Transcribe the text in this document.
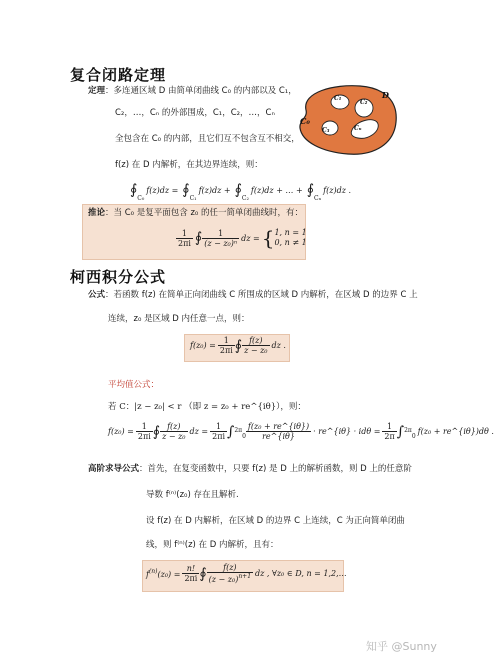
复合闭路定理
定理：多连通区域 D 由简单闭曲线 C₀ 的内部以及 C₁，
C₂，…，Cₙ 的外部围成，C₁，C₂，…，Cₙ
全包含在 C₀ 的内部，且它们互不包含互不相交，
f(z) 在 D 内解析，在其边界连续，则：
C₀
C₁
C₂
C₃	Cₙ
D
∮
C₀
f(z)dz = ∮
C₁
f(z)dz + ∮
C₂
f(z)dz + … + ∮
Cₙ
f(z)dz .
推论：当 C₀ 是复平面包含 z₀ 的任一简单闭曲线时，有：
$\frac{1}{2\pi i}$ ∮ $\frac{1}{\text{(z − z₀)ⁿ}}$ dz = { 1, n = 1
0, n ≠ 1
柯西积分公式
公式：若函数 f(z) 在简单正向闭曲线 C 所围成的区域 D 内解析，在区域 D 的边界 C 上
连续，z₀ 是区域 D 内任意一点，则：
$f(z_0) = \frac{1}{2\pi i}$ ∮ $\frac{f(z)}{\text{z − z₀}}$ dz .
平均值公式：
若 C：|z − z₀| < r （即 z = z₀ + re^{iθ}），则：
$f(z_0) = \frac{1}{2\pi i}$ ∮ $\frac{f(z)}{\text{z − z₀}}$ dz = $\frac{1}{2\pi i} \int^{2\pi}_0 \frac{\text{f(z₀ + re\textasciicircum{}\{iθ\})}}{re\^{}\{i\theta\}}$ · re^{iθ} · $id\theta = \frac{1}{2\pi} \int^{2\pi}_0$ f(z₀ + re^{iθ})dθ .
高阶求导公式：首先，在复变函数中，只要 f(z) 是 D 上的解析函数，则 D 上的任意阶
导数 f⁽ⁿ⁾(z₀) 存在且解析.
设 f(z) 在 D 内解析，在区域 D 的边界 C 上连续，C 为正向简单闭曲
线，则 f⁽ⁿ⁾(z) 在 D 内解析，且有：
$f^{(n)}(z_0) = \frac{n!}{2\pi i}$ ∮ $\frac{f(z)}{(z - z_0)^{n+1}}$ dz , ∀z₀ ∈ D, n = 1,2,…
知乎 @Sunny
